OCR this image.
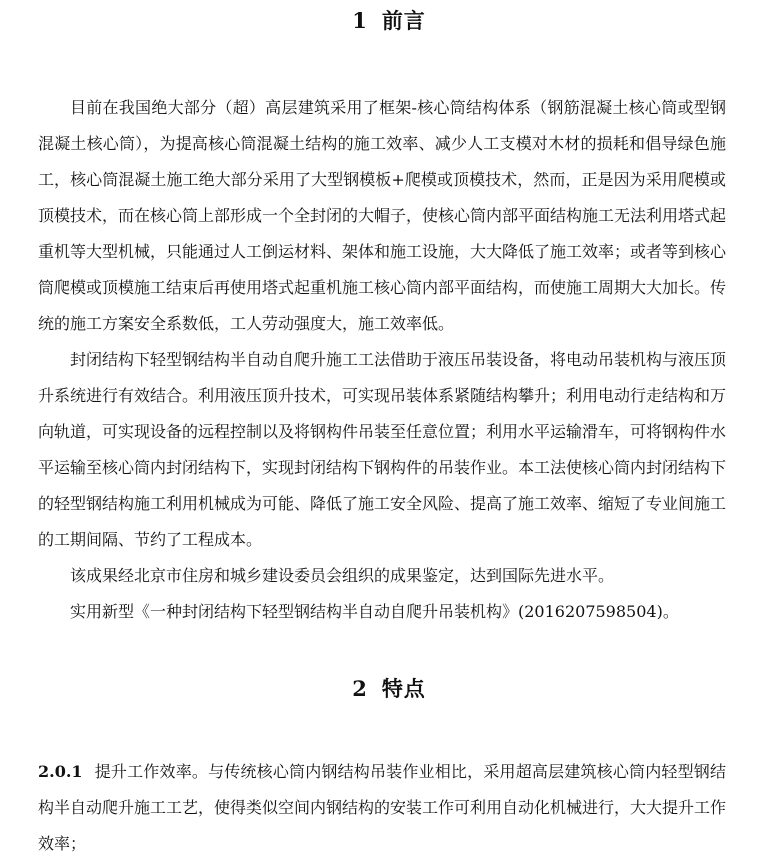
1 前言

目前在我国绝大部分（超）高层建筑采用了框架-核心筒结构体系（钢筋混凝土核心筒或型钢混凝土核心筒），为提高核心筒混凝土结构的施工效率、减少人工支模对木材的损耗和倡导绿色施工，核心筒混凝土施工绝大部分采用了大型钢模板+爬模或顶模技术，然而，正是因为采用爬模或顶模技术，而在核心筒上部形成一个全封闭的大帽子，使核心筒内部平面结构施工无法利用塔式起重机等大型机械，只能通过人工倒运材料、架体和施工设施，大大降低了施工效率；或者等到核心筒爬模或顶模施工结束后再使用塔式起重机施工核心筒内部平面结构，而使施工周期大大加长。传统的施工方案安全系数低，工人劳动强度大，施工效率低。

封闭结构下轻型钢结构半自动自爬升施工工法借助于液压吊装设备，将电动吊装机构与液压顶升系统进行有效结合。利用液压顶升技术，可实现吊装体系紧随结构攀升；利用电动行走结构和万向轨道，可实现设备的远程控制以及将钢构件吊装至任意位置；利用水平运输滑车，可将钢构件水平运输至核心筒内封闭结构下，实现封闭结构下钢构件的吊装作业。本工法使核心筒内封闭结构下的轻型钢结构施工利用机械成为可能、降低了施工安全风险、提高了施工效率、缩短了专业间施工的工期间隔、节约了工程成本。

该成果经北京市住房和城乡建设委员会组织的成果鉴定，达到国际先进水平。

实用新型《一种封闭结构下轻型钢结构半自动自爬升吊装机构》(2016207598504)。

2 特点

2.0.1 提升工作效率。与传统核心筒内钢结构吊装作业相比，采用超高层建筑核心筒内轻型钢结构半自动爬升施工工艺，使得类似空间内钢结构的安装工作可利用自动化机械进行，大大提升工作效率；
